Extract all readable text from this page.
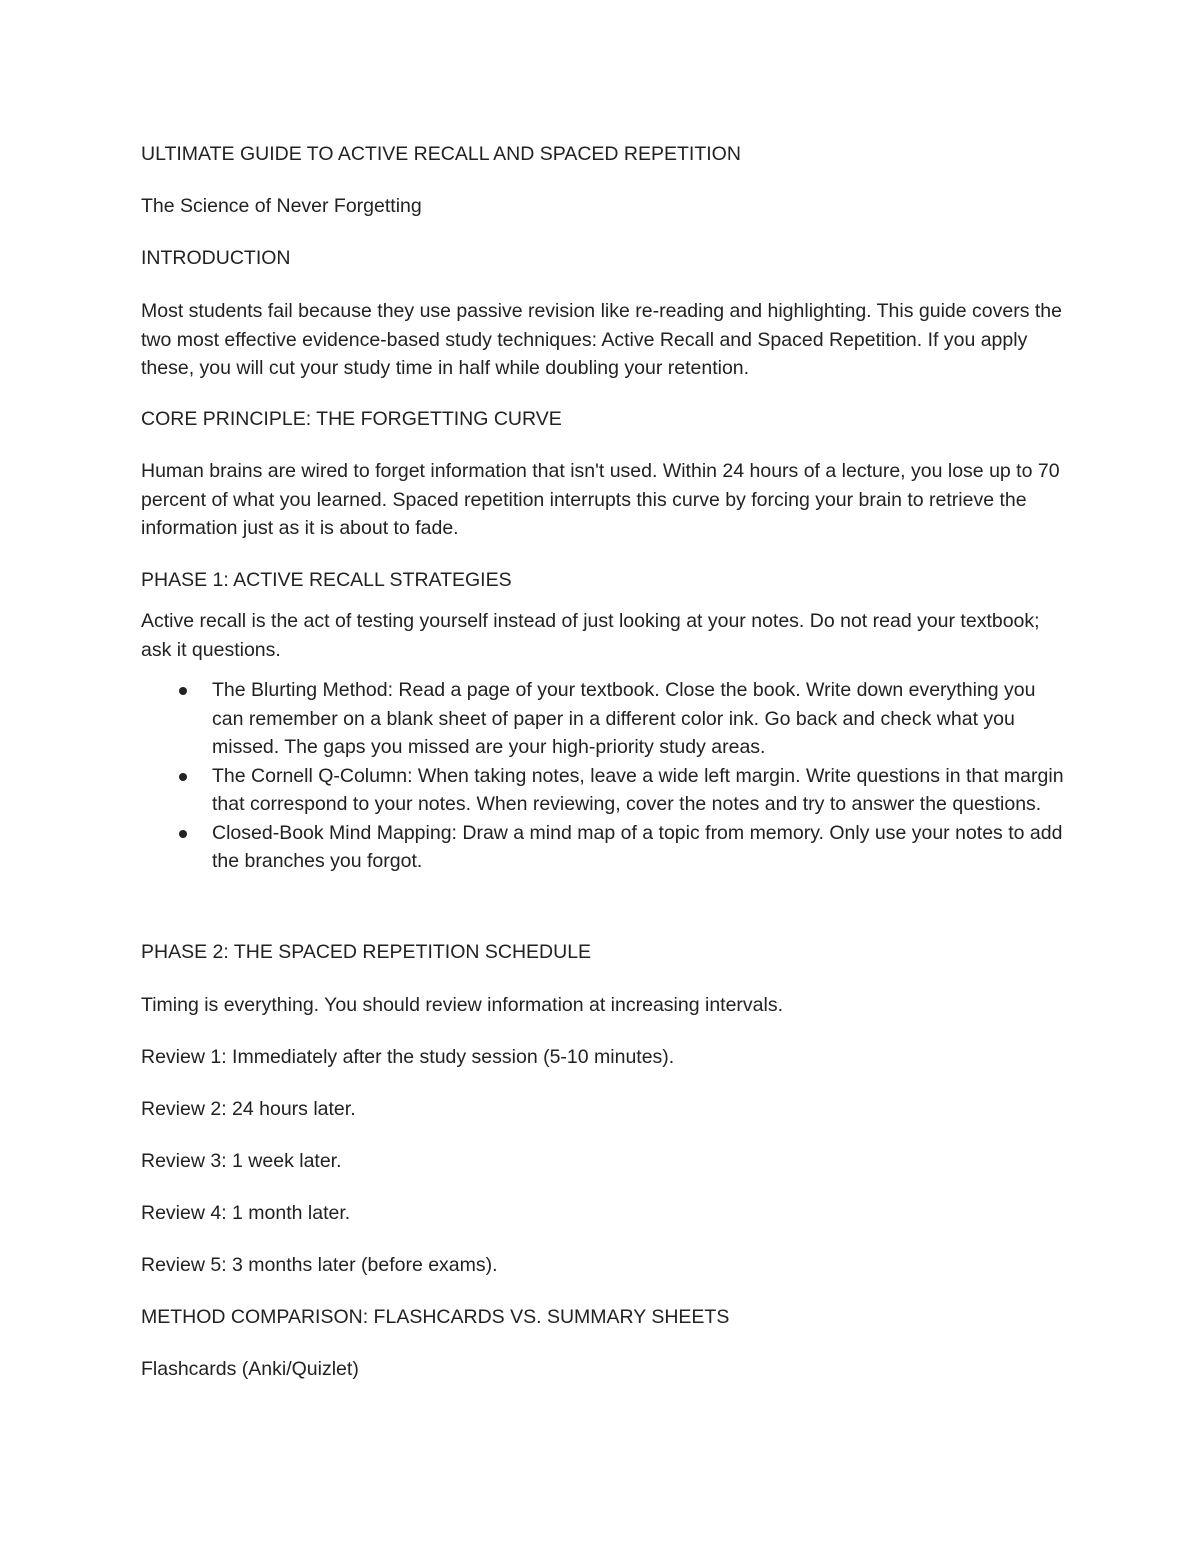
ULTIMATE GUIDE TO ACTIVE RECALL AND SPACED REPETITION

The Science of Never Forgetting

INTRODUCTION

Most students fail because they use passive revision like re-reading and highlighting. This guide covers the two most effective evidence-based study techniques: Active Recall and Spaced Repetition. If you apply these, you will cut your study time in half while doubling your retention.

CORE PRINCIPLE: THE FORGETTING CURVE

Human brains are wired to forget information that isn't used. Within 24 hours of a lecture, you lose up to 70 percent of what you learned. Spaced repetition interrupts this curve by forcing your brain to retrieve the information just as it is about to fade.

PHASE 1: ACTIVE RECALL STRATEGIES

Active recall is the act of testing yourself instead of just looking at your notes. Do not read your textbook; ask it questions.

The Blurting Method: Read a page of your textbook. Close the book. Write down everything you can remember on a blank sheet of paper in a different color ink. Go back and check what you missed. The gaps you missed are your high-priority study areas.
The Cornell Q-Column: When taking notes, leave a wide left margin. Write questions in that margin that correspond to your notes. When reviewing, cover the notes and try to answer the questions.
Closed-Book Mind Mapping: Draw a mind map of a topic from memory. Only use your notes to add the branches you forgot.

PHASE 2: THE SPACED REPETITION SCHEDULE

Timing is everything. You should review information at increasing intervals.

Review 1: Immediately after the study session (5-10 minutes).

Review 2: 24 hours later.

Review 3: 1 week later.

Review 4: 1 month later.

Review 5: 3 months later (before exams).

METHOD COMPARISON: FLASHCARDS VS. SUMMARY SHEETS

Flashcards (Anki/Quizlet)
